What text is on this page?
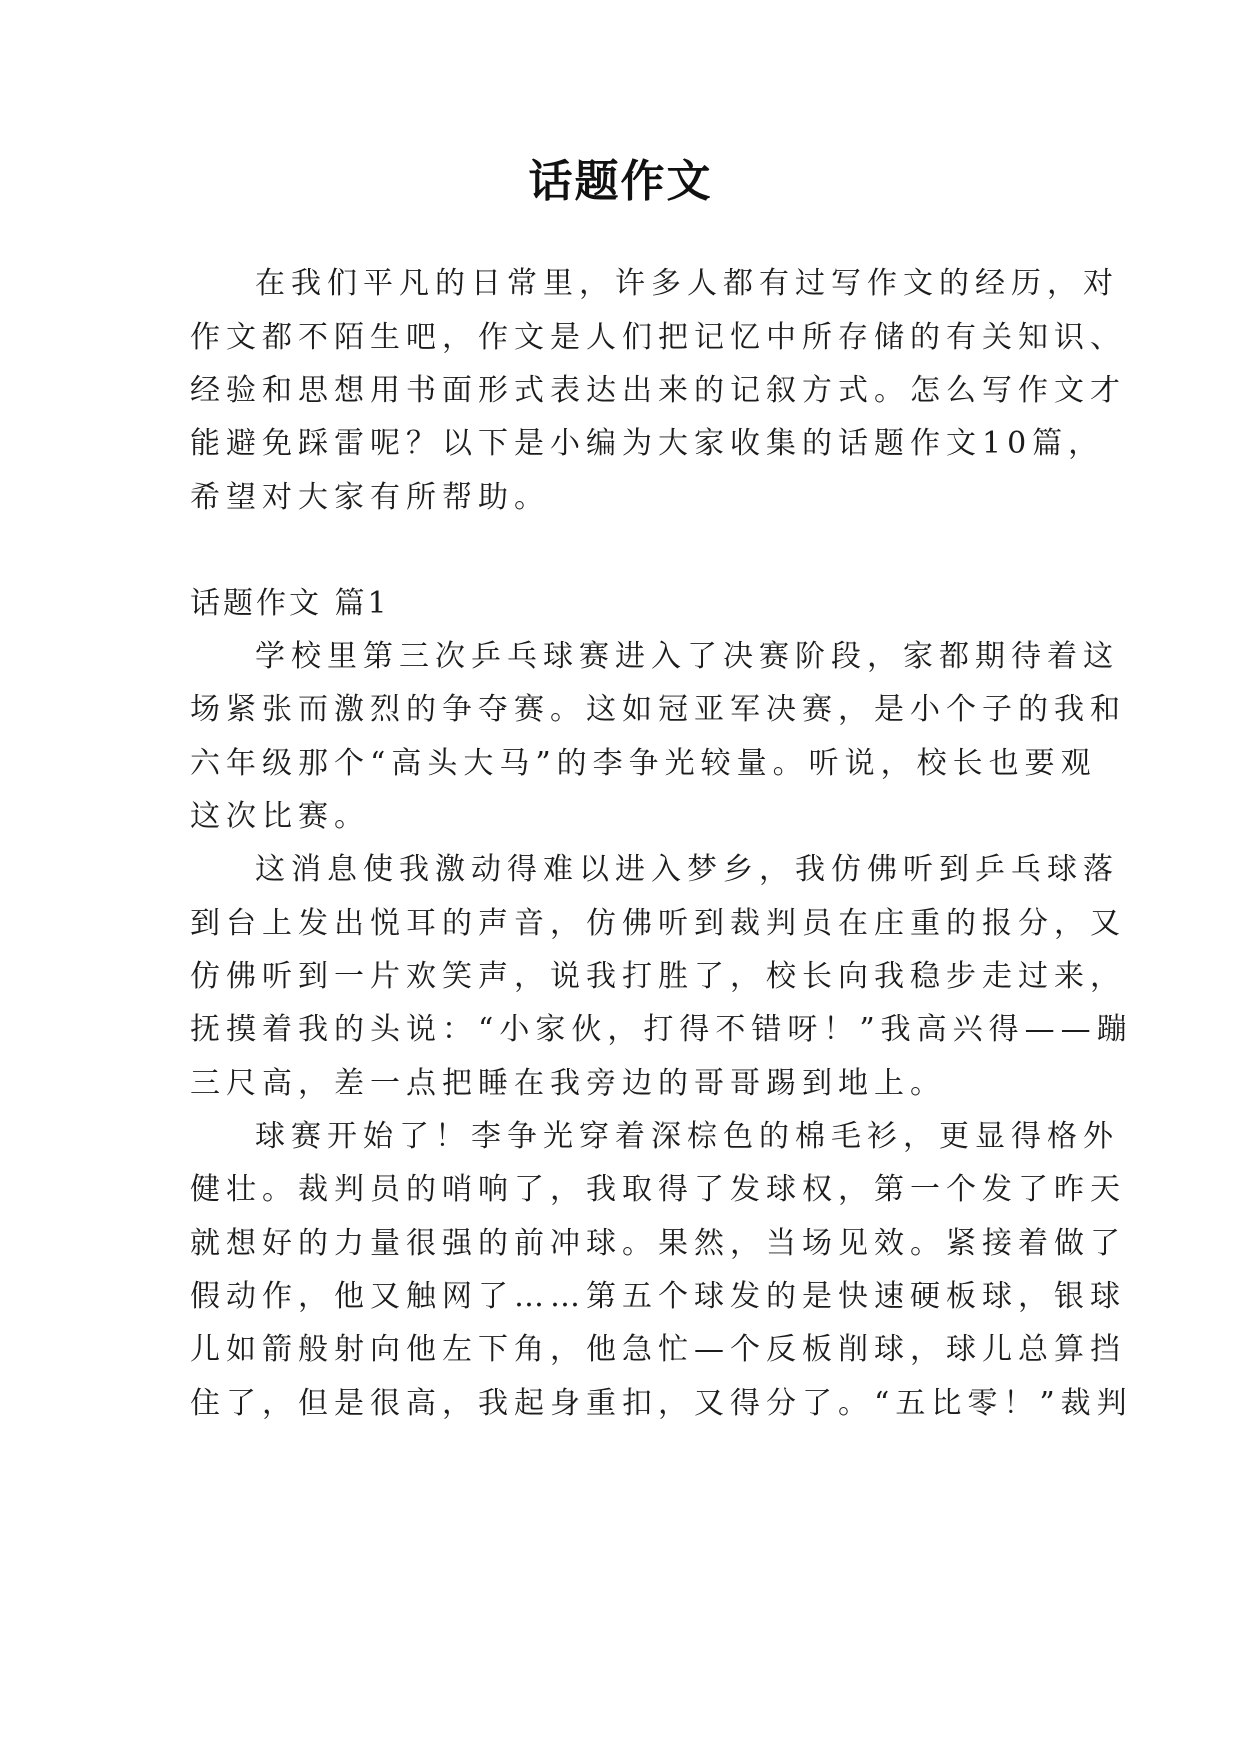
话题作文
在我们平凡的日常里，许多人都有过写作文的经历，对
作文都不陌生吧，作文是人们把记忆中所存储的有关知识、
经验和思想用书面形式表达出来的记叙方式。怎么写作文才
能避免踩雷呢？以下是小编为大家收集的话题作文10篇，
希望对大家有所帮助。
话题作文 篇1
学校里第三次乒乓球赛进入了决赛阶段，家都期待着这
场紧张而激烈的争夺赛。这如冠亚军决赛，是小个子的我和
六年级那个“高头大马”的李争光较量。听说，校长也要观
这次比赛。
这消息使我激动得难以进入梦乡，我仿佛听到乒乓球落
到台上发出悦耳的声音，仿佛听到裁判员在庄重的报分，又
仿佛听到一片欢笑声，说我打胜了，校长向我稳步走过来，
抚摸着我的头说：“小家伙，打得不错呀！”我高兴得——蹦
三尺高，差一点把睡在我旁边的哥哥踢到地上。
球赛开始了！李争光穿着深棕色的棉毛衫，更显得格外
健壮。裁判员的哨响了，我取得了发球权，第一个发了昨天
就想好的力量很强的前冲球。果然，当场见效。紧接着做了
假动作，他又触网了……第五个球发的是快速硬板球，银球
儿如箭般射向他左下角，他急忙—个反板削球，球儿总算挡
住了，但是很高，我起身重扣，又得分了。“五比零！”裁判
